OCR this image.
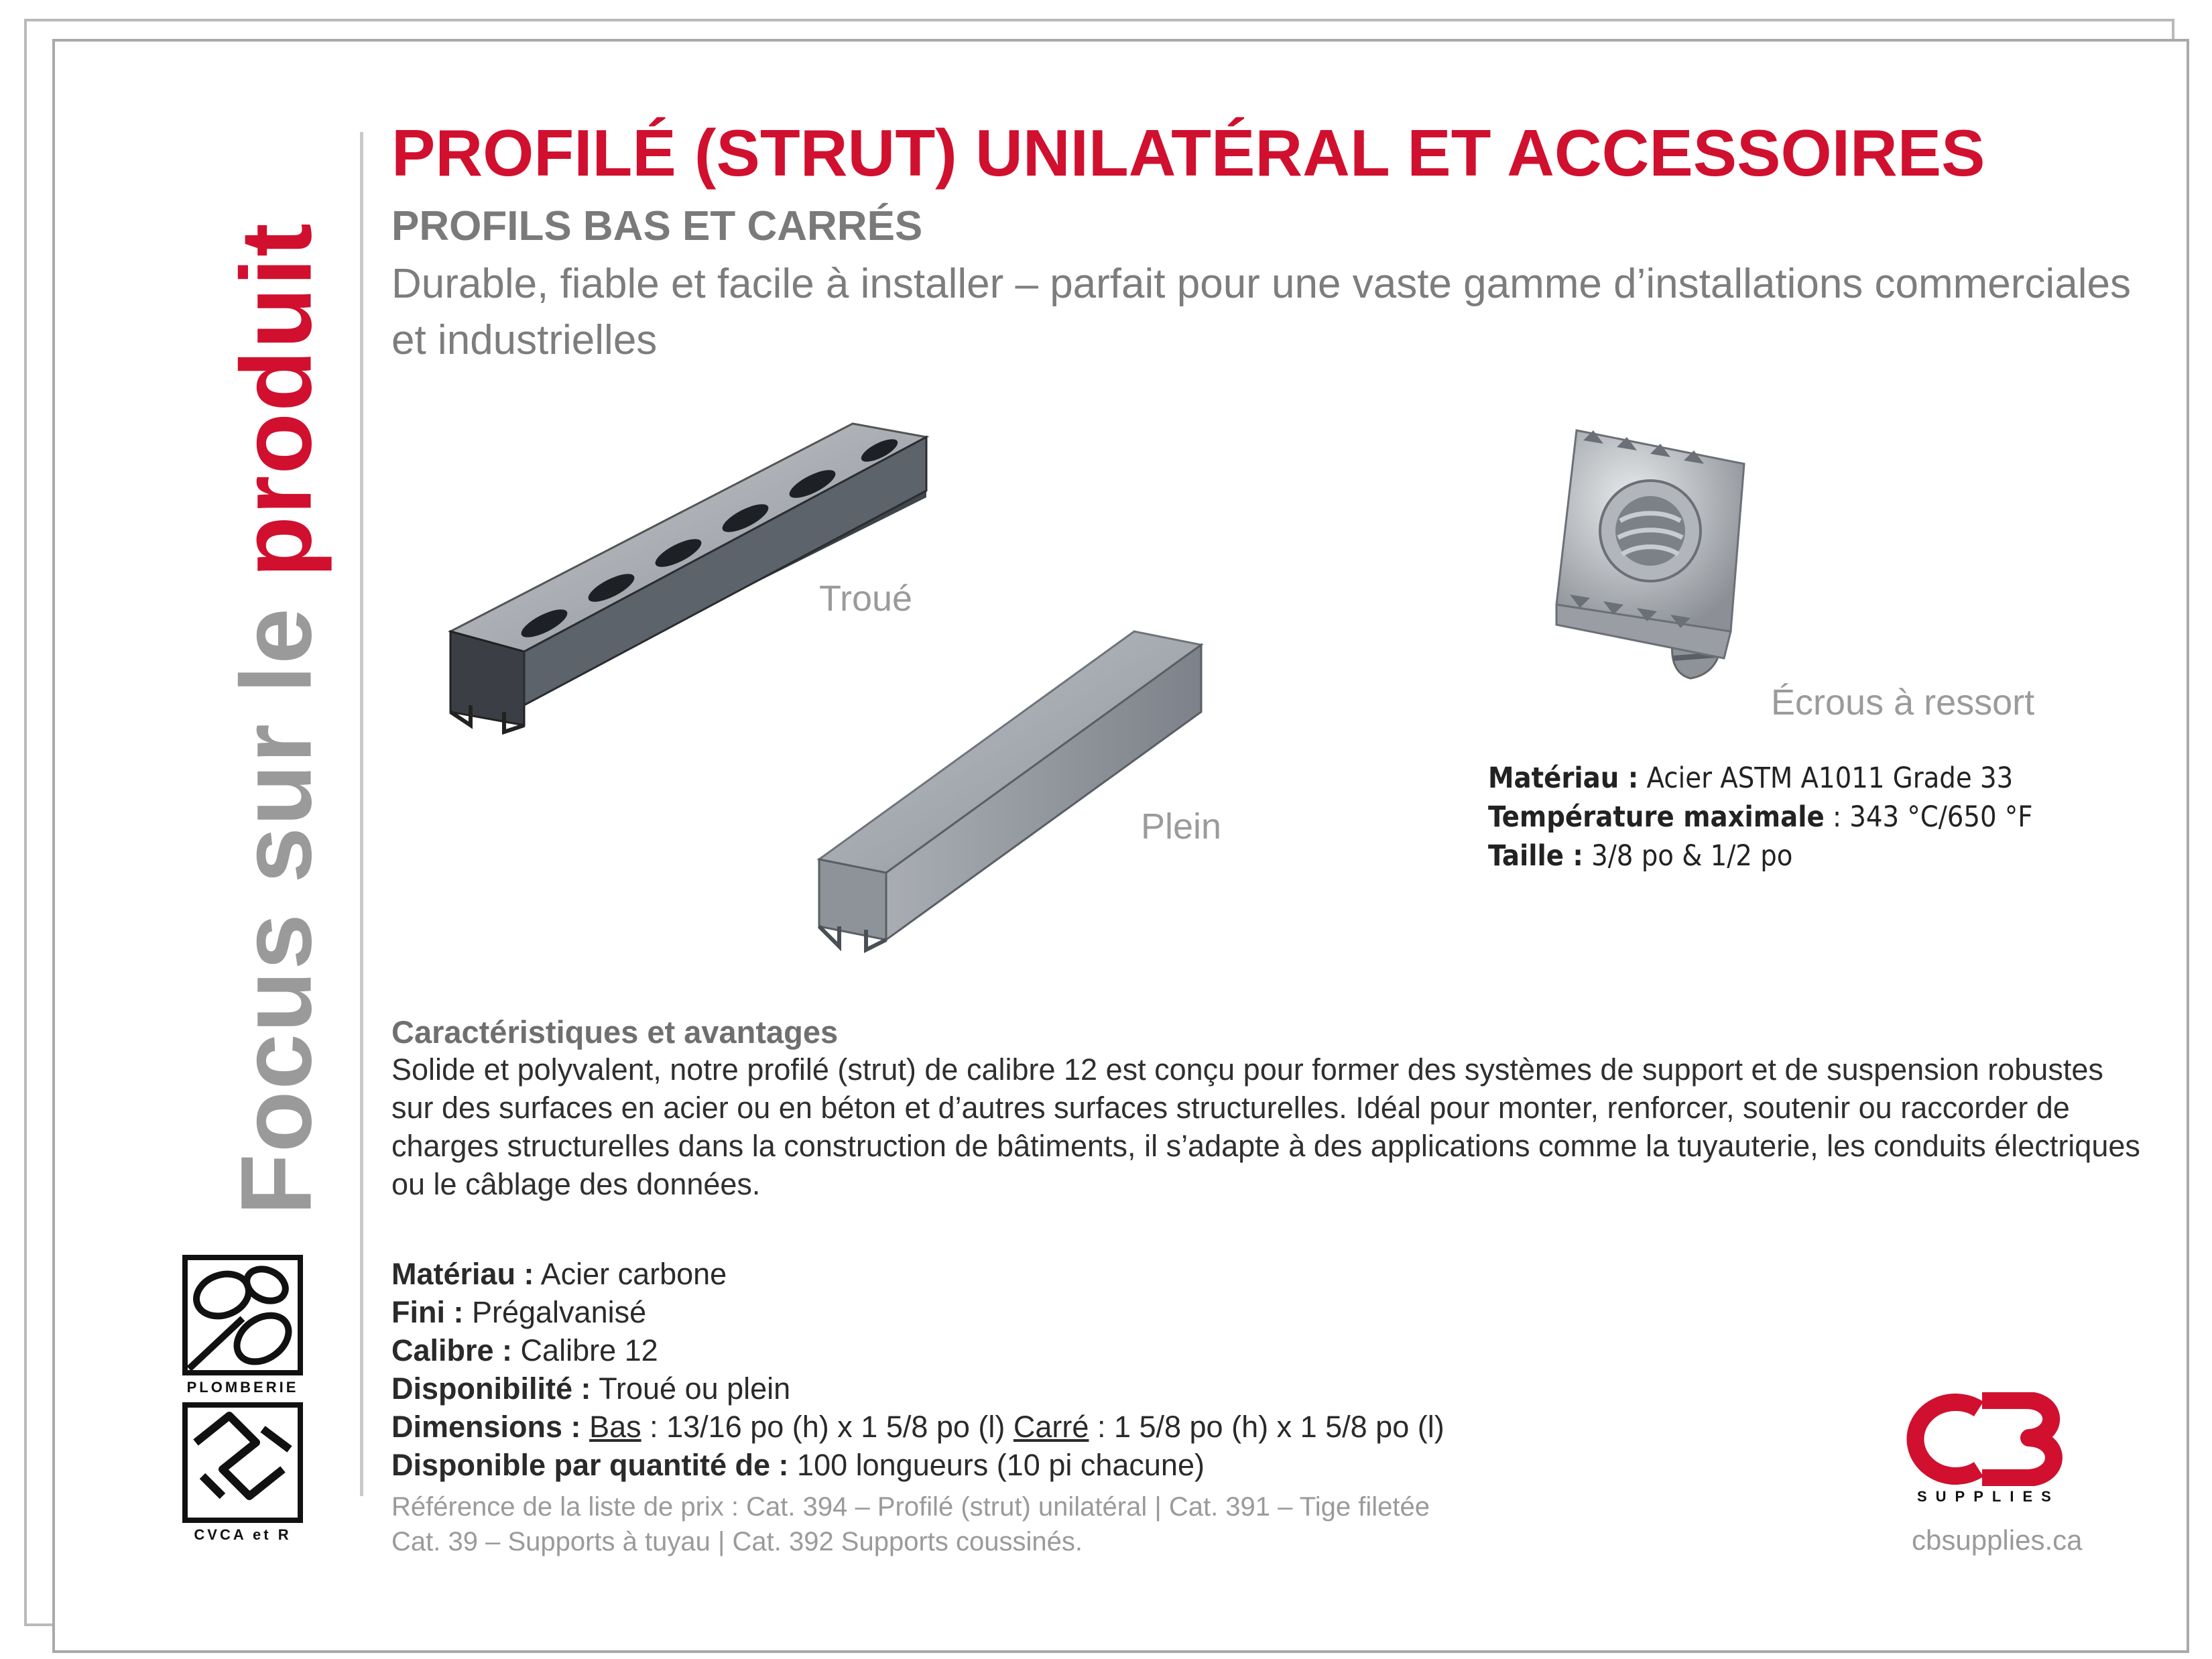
Focus sur le produit
PROFILÉ (STRUT) UNILATÉRAL ET ACCESSOIRES
PROFILS BAS ET CARRÉS
Durable, fiable et facile à installer – parfait pour une vaste gamme d’installations commerciales et industrielles
Troué
Plein
Écrous à ressort
Matériau : Acier ASTM A1011 Grade 33
Température maximale : 343 °C/650 °F
Taille : 3/8 po & 1/2 po
Caractéristiques et avantages
Solide et polyvalent, notre profilé (strut) de calibre 12 est conçu pour former des systèmes de support et de suspension robustes sur des surfaces en acier ou en béton et d’autres surfaces structurelles. Idéal pour monter, renforcer, soutenir ou raccorder de charges structurelles dans la construction de bâtiments, il s’adapte à des applications comme la tuyauterie, les conduits électriques ou le câblage des données.
Matériau : Acier carbone
Fini : Prégalvanisé
Calibre : Calibre 12
Disponibilité : Troué ou plein
Dimensions : Bas : 13/16 po (h) x 1 5/8 po (l) Carré : 1 5/8 po (h) x 1 5/8 po (l)
Disponible par quantité de : 100 longueurs (10 pi chacune)
Référence de la liste de prix : Cat. 394 – Profilé (strut) unilatéral | Cat. 391 – Tige filetée
Cat. 39 – Supports à tuyau | Cat. 392 Supports coussinés.
PLOMBERIE
CVCA et R
SUPPLIES
cbsupplies.ca
